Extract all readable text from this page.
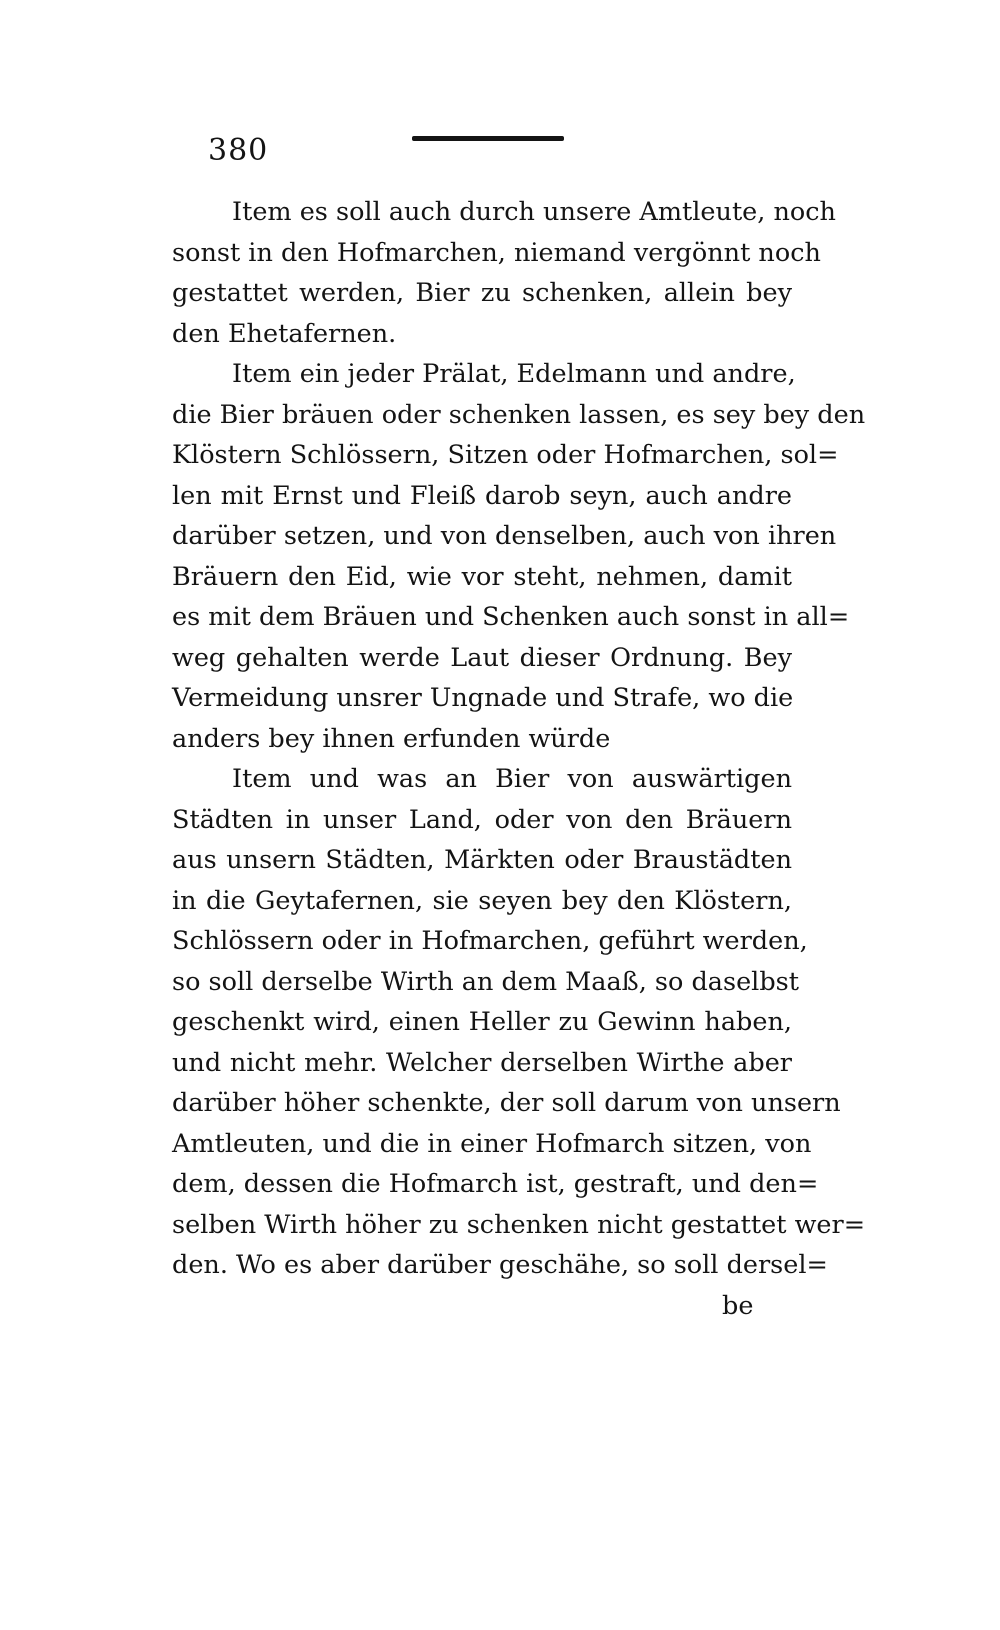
380

Item es soll auch durch unsere Amtleute, noch
sonst in den Hofmarchen, niemand vergönnt noch
gestattet werden, Bier zu schenken, allein bey
den Ehetafernen.

Item ein jeder Prälat, Edelmann und andre,
die Bier bräuen oder schenken lassen, es sey bey den
Klöstern Schlössern, Sitzen oder Hofmarchen, sol=
len mit Ernst und Fleiß darob seyn, auch andre
darüber setzen, und von denselben, auch von ihren
Bräuern den Eid, wie vor steht, nehmen, damit
es mit dem Bräuen und Schenken auch sonst in all=
weg gehalten werde Laut dieser Ordnung. Bey
Vermeidung unsrer Ungnade und Strafe, wo die
anders bey ihnen erfunden würde

Item und was an Bier von auswärtigen
Städten in unser Land, oder von den Bräuern
aus unsern Städten, Märkten oder Braustädten
in die Geytafernen, sie seyen bey den Klöstern,
Schlössern oder in Hofmarchen, geführt werden,
so soll derselbe Wirth an dem Maaß, so daselbst
geschenkt wird, einen Heller zu Gewinn haben,
und nicht mehr. Welcher derselben Wirthe aber
darüber höher schenkte, der soll darum von unsern
Amtleuten, und die in einer Hofmarch sitzen, von
dem, dessen die Hofmarch ist, gestraft, und den=
selben Wirth höher zu schenken nicht gestattet wer=
den. Wo es aber darüber geschähe, so soll dersel=

be
